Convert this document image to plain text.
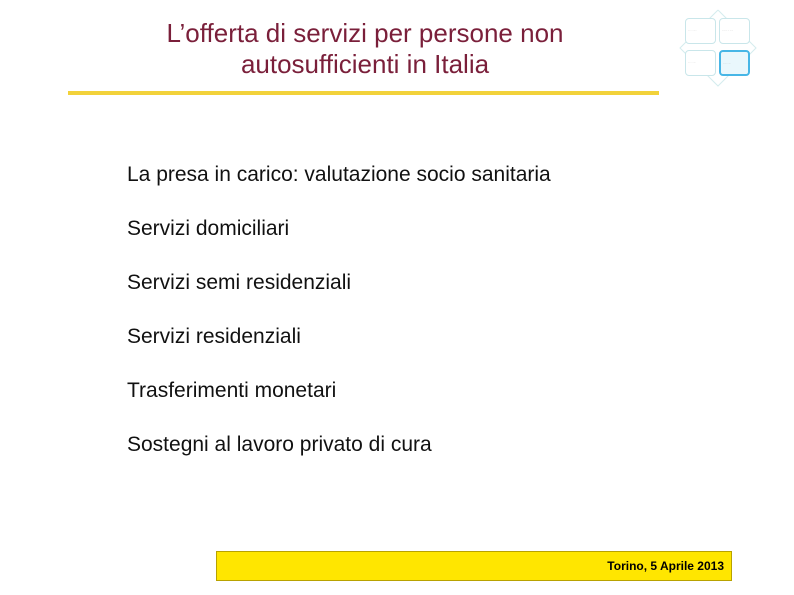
L’offerta di servizi per persone non
autosufficienti in Italia
···· ·· ·····	········ ·· ·····
···· · ·····	······ ·····
La presa in carico: valutazione socio sanitaria
Servizi domiciliari
Servizi semi residenziali
Servizi residenziali
Trasferimenti monetari
Sostegni al lavoro privato di cura
Torino, 5 Aprile 2013
